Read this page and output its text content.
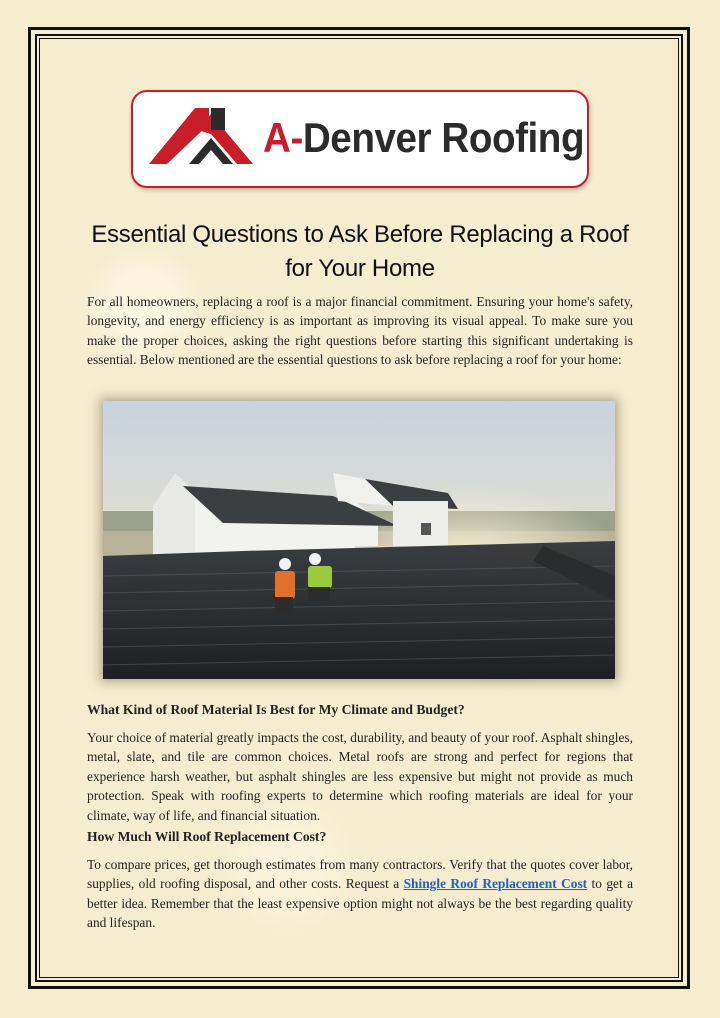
A-Denver Roofing
Essential Questions to Ask Before Replacing a Roof for Your Home

For all homeowners, replacing a roof is a major financial commitment. Ensuring your home's safety, longevity, and energy efficiency is as important as improving its visual appeal. To make sure you make the proper choices, asking the right questions before starting this significant undertaking is essential. Below mentioned are the essential questions to ask before replacing a roof for your home:

What Kind of Roof Material Is Best for My Climate and Budget?

Your choice of material greatly impacts the cost, durability, and beauty of your roof. Asphalt shingles, metal, slate, and tile are common choices. Metal roofs are strong and perfect for regions that experience harsh weather, but asphalt shingles are less expensive but might not provide as much protection. Speak with roofing experts to determine which roofing materials are ideal for your climate, way of life, and financial situation.

How Much Will Roof Replacement Cost?

To compare prices, get thorough estimates from many contractors. Verify that the quotes cover labor, supplies, old roofing disposal, and other costs. Request a Shingle Roof Replacement Cost to get a better idea. Remember that the least expensive option might not always be the best regarding quality and lifespan.
